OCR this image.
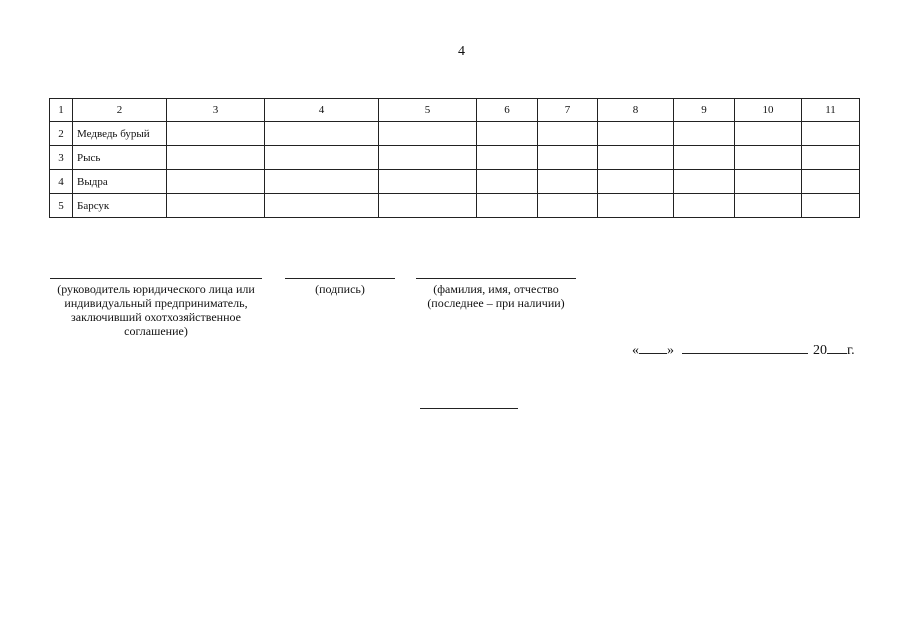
4
1	2	3	4	5	6	7	8	9	10	11
2	Медведь бурый									
3	Рысь									
4	Выдра									
5	Барсук									
(руководитель юридического лица или
индивидуальный предприниматель,
заключивший охотхозяйственное
соглашение)
(подпись)	(фамилия, имя, отчество
(последнее – при наличии)
« »	20 г.
